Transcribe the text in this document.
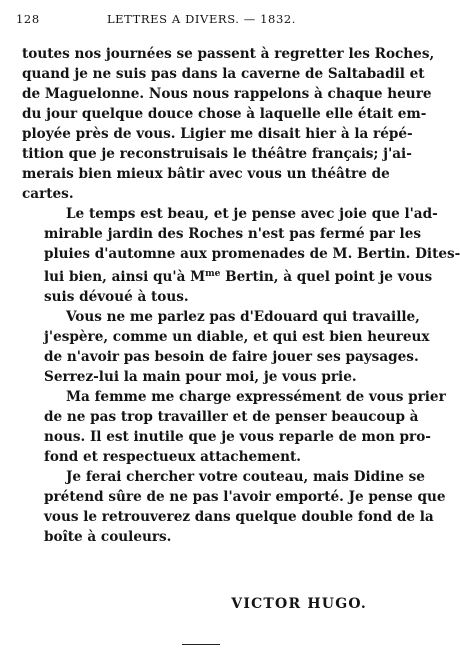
128	LETTRES A DIVERS. — 1832.

toutes nos journées se passent à regretter les Roches,
quand je ne suis pas dans la caverne de Saltabadil et
de Maguelonne. Nous nous rappelons à chaque heure
du jour quelque douce chose à laquelle elle était em-
ployée près de vous. Ligier me disait hier à la répé-
tition que je reconstruisais le théâtre français; j'ai-
merais bien mieux bâtir avec vous un théâtre de
cartes.

Le temps est beau, et je pense avec joie que l'ad-
mirable jardin des Roches n'est pas fermé par les
pluies d'automne aux promenades de M. Bertin. Dites-
lui bien, ainsi qu'à $M^{me}$ Bertin, à quel point je vous
suis dévoué à tous.

Vous ne me parlez pas d'Edouard qui travaille,
j'espère, comme un diable, et qui est bien heureux
de n'avoir pas besoin de faire jouer ses paysages.
Serrez-lui la main pour moi, je vous prie.

Ma femme me charge expressément de vous prier
de ne pas trop travailler et de penser beaucoup à
nous. Il est inutile que je vous reparle de mon pro-
fond et respectueux attachement.

Je ferai chercher votre couteau, mais Didine se
prétend sûre de ne pas l'avoir emporté. Je pense que
vous le retrouverez dans quelque double fond de la
boîte à couleurs.

VICTOR HUGO.
